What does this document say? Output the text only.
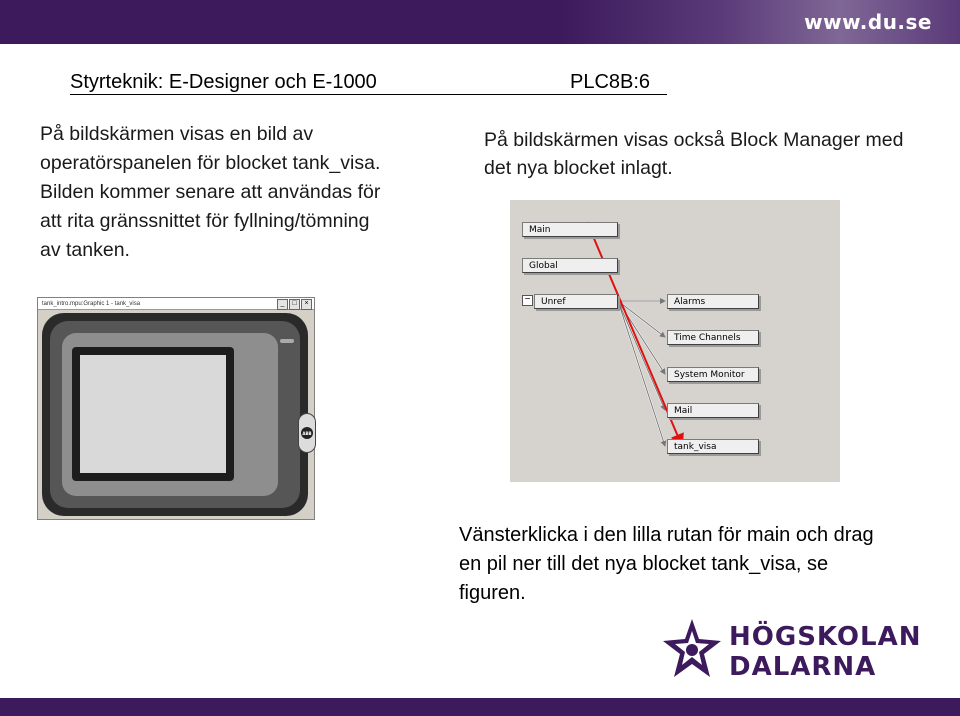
www.du.se
Styrteknik: E-Designer och E-1000	PLC8B:6
På bildskärmen visas en bild av operatörspanelen för blocket tank_visa. Bilden kommer senare att användas för att rita gränssnittet för fyllning/tömning av tanken.
På bildskärmen visas också Block Manager med det nya blocket inlagt.
tank_intro.mpu:Graphic 1 - tank_visa	_	□	×
ABB
Main
Global
−	Unref	Alarms
Time Channels
System Monitor
Mail
tank_visa
Vänsterklicka i den lilla rutan för main och drag en pil ner till det nya blocket tank_visa, se figuren.
HÖGSKOLAN
DALARNA
